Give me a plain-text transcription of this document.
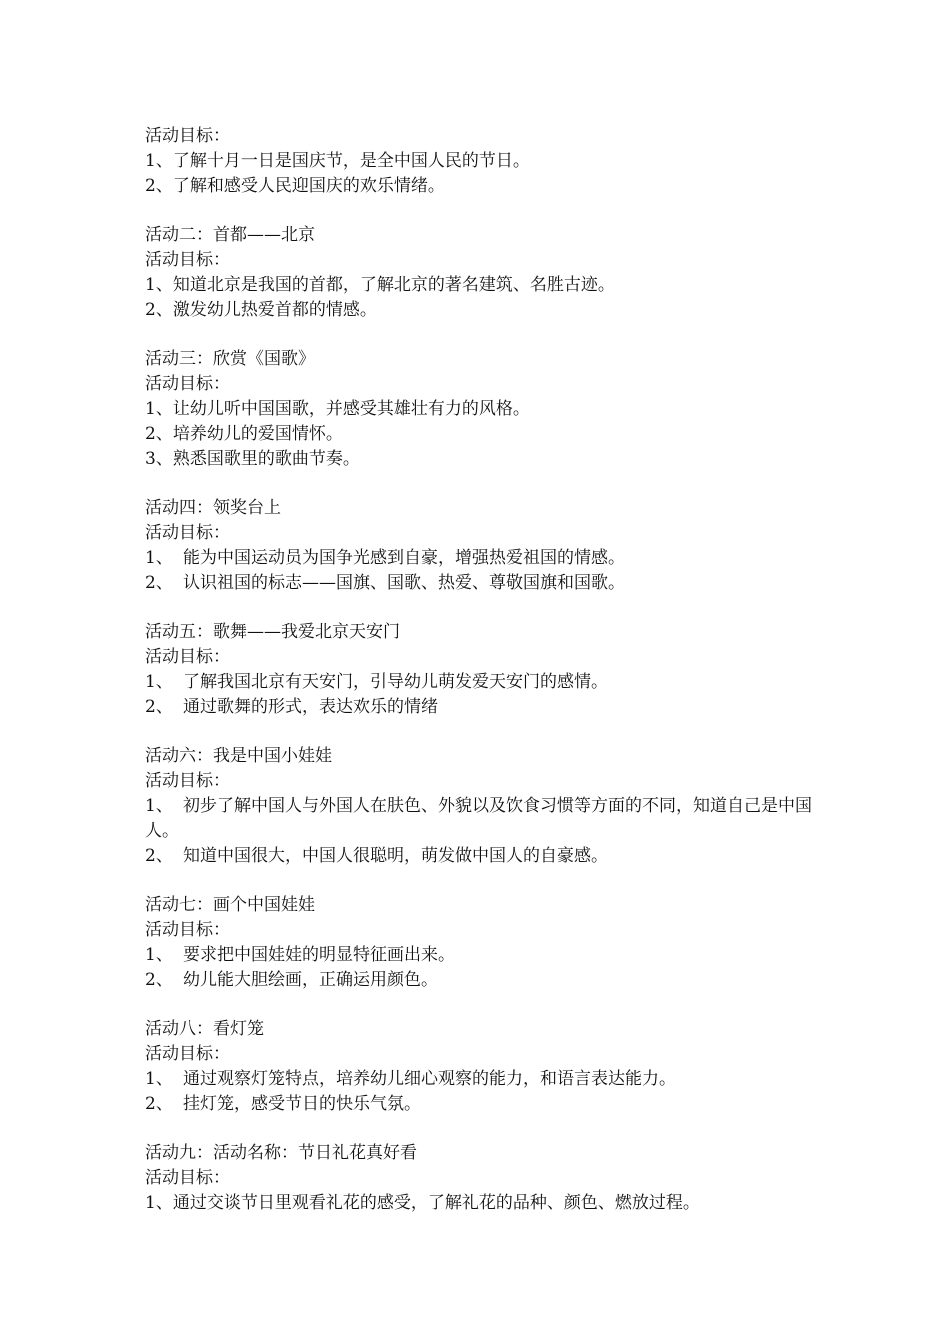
活动目标：
1、了解十月一日是国庆节，是全中国人民的节日。
2、了解和感受人民迎国庆的欢乐情绪。
活动二：首都——北京
活动目标：
1、知道北京是我国的首都，了解北京的著名建筑、名胜古迹。
2、激发幼儿热爱首都的情感。
活动三：欣赏《国歌》
活动目标：
1、让幼儿听中国国歌，并感受其雄壮有力的风格。
2、培养幼儿的爱国情怀。
3、熟悉国歌里的歌曲节奏。
活动四：领奖台上
活动目标：
1、 能为中国运动员为国争光感到自豪，增强热爱祖国的情感。
2、 认识祖国的标志——国旗、国歌、热爱、尊敬国旗和国歌。
活动五：歌舞——我爱北京天安门
活动目标：
1、 了解我国北京有天安门，引导幼儿萌发爱天安门的感情。
2、 通过歌舞的形式，表达欢乐的情绪
活动六：我是中国小娃娃
活动目标：
1、 初步了解中国人与外国人在肤色、外貌以及饮食习惯等方面的不同，知道自己是中国人。
2、 知道中国很大，中国人很聪明，萌发做中国人的自豪感。
活动七：画个中国娃娃
活动目标：
1、 要求把中国娃娃的明显特征画出来。
2、 幼儿能大胆绘画，正确运用颜色。
活动八：看灯笼
活动目标：
1、 通过观察灯笼特点，培养幼儿细心观察的能力，和语言表达能力。
2、 挂灯笼，感受节日的快乐气氛。
活动九：活动名称：节日礼花真好看
活动目标：
1、通过交谈节日里观看礼花的感受，了解礼花的品种、颜色、燃放过程。
